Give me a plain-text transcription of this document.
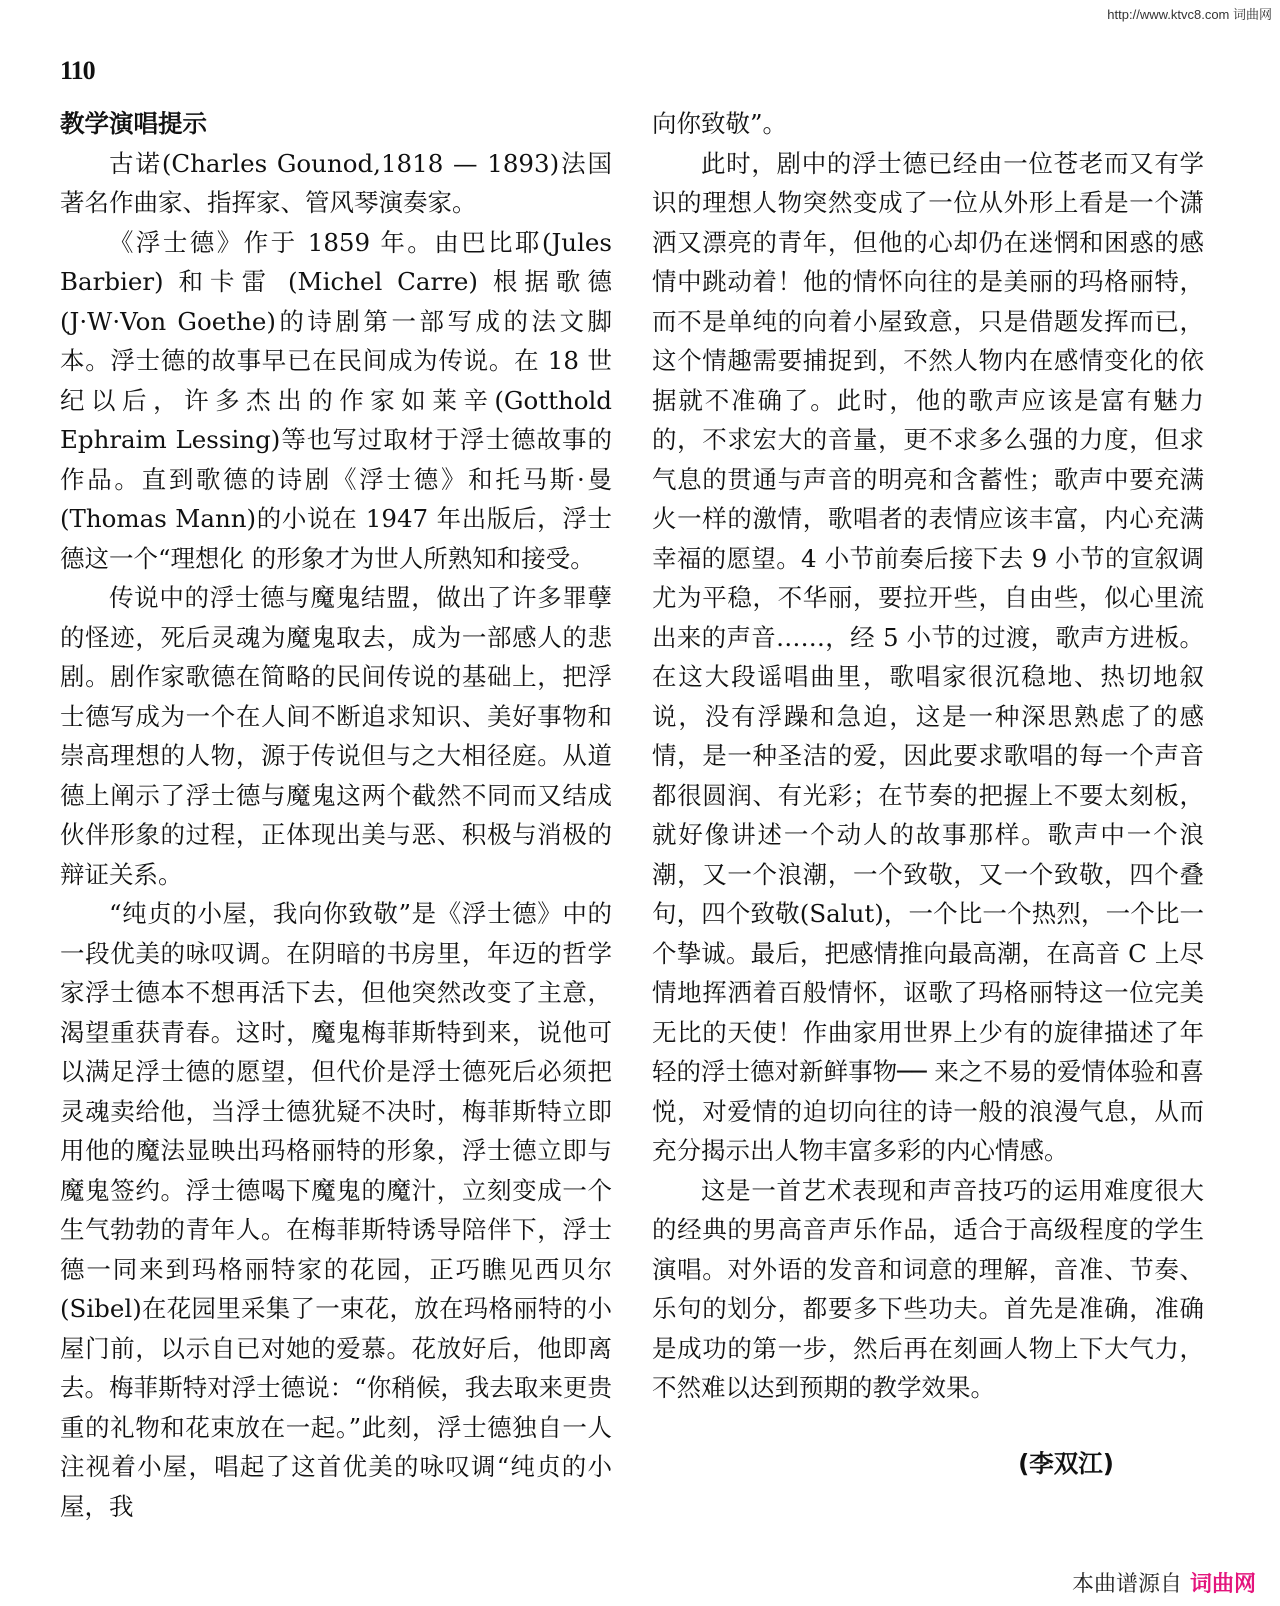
http://www.ktvc8.com 词曲网
110
教学演唱提示

古诺(Charles Gounod,1818 — 1893)法国著名作曲家、指挥家、管风琴演奏家。

《浮士德》作于 1859 年。由巴比耶(Jules Barbier) 和卡雷 (Michel Carre) 根据歌德 (J·W·Von Goethe)的诗剧第一部写成的法文脚本。浮士德的故事早已在民间成为传说。在 18 世纪以后，许多杰出的作家如莱辛(Gotthold Ephraim Lessing)等也写过取材于浮士德故事的作品。直到歌德的诗剧《浮士德》和托马斯·曼(Thomas Mann)的小说在 1947 年出版后，浮士德这一个“理想化 的形象才为世人所熟知和接受。

传说中的浮士德与魔鬼结盟，做出了许多罪孽的怪迹，死后灵魂为魔鬼取去，成为一部感人的悲剧。剧作家歌德在简略的民间传说的基础上，把浮士德写成为一个在人间不断追求知识、美好事物和崇高理想的人物，源于传说但与之大相径庭。从道德上阐示了浮士德与魔鬼这两个截然不同而又结成伙伴形象的过程，正体现出美与恶、积极与消极的辩证关系。

“纯贞的小屋，我向你致敬”是《浮士德》中的一段优美的咏叹调。在阴暗的书房里，年迈的哲学家浮士德本不想再活下去，但他突然改变了主意，渴望重获青春。这时，魔鬼梅菲斯特到来，说他可以满足浮士德的愿望，但代价是浮士德死后必须把灵魂卖给他，当浮士德犹疑不决时，梅菲斯特立即用他的魔法显映出玛格丽特的形象，浮士德立即与魔鬼签约。浮士德喝下魔鬼的魔汁，立刻变成一个生气勃勃的青年人。在梅菲斯特诱导陪伴下，浮士德一同来到玛格丽特家的花园，正巧瞧见西贝尔(Sibel)在花园里采集了一束花，放在玛格丽特的小屋门前，以示自已对她的爱慕。花放好后，他即离去。梅菲斯特对浮士德说：“你稍候，我去取来更贵重的礼物和花束放在一起。”此刻，浮士德独自一人注视着小屋，唱起了这首优美的咏叹调“纯贞的小屋，我

向你致敬”。

此时，剧中的浮士德已经由一位苍老而又有学识的理想人物突然变成了一位从外形上看是一个潇洒又漂亮的青年，但他的心却仍在迷惘和困惑的感情中跳动着！他的情怀向往的是美丽的玛格丽特，而不是单纯的向着小屋致意，只是借题发挥而已，这个情趣需要捕捉到，不然人物内在感情变化的依据就不准确了。此时，他的歌声应该是富有魅力的，不求宏大的音量，更不求多么强的力度，但求气息的贯通与声音的明亮和含蓄性；歌声中要充满火一样的激情，歌唱者的表情应该丰富，内心充满幸福的愿望。4 小节前奏后接下去 9 小节的宣叙调尤为平稳，不华丽，要拉开些，自由些，似心里流出来的声音……，经 5 小节的过渡，歌声方进板。在这大段谣唱曲里，歌唱家很沉稳地、热切地叙说，没有浮躁和急迫，这是一种深思熟虑了的感情，是一种圣洁的爱，因此要求歌唱的每一个声音都很圆润、有光彩；在节奏的把握上不要太刻板，就好像讲述一个动人的故事那样。歌声中一个浪潮，又一个浪潮，一个致敬，又一个致敬，四个叠句，四个致敬(Salut)，一个比一个热烈，一个比一个挚诚。最后，把感情推向最高潮，在高音 C 上尽情地挥洒着百般情怀，讴歌了玛格丽特这一位完美无比的天使！作曲家用世界上少有的旋律描述了年轻的浮士德对新鲜事物── 来之不易的爱情体验和喜悦，对爱情的迫切向往的诗一般的浪漫气息，从而充分揭示出人物丰富多彩的内心情感。

这是一首艺术表现和声音技巧的运用难度很大的经典的男高音声乐作品，适合于高级程度的学生演唱。对外语的发音和词意的理解，音准、节奏、乐句的划分，都要多下些功夫。首先是准确，准确是成功的第一步，然后再在刻画人物上下大气力，不然难以达到预期的教学效果。

(李双江)
本曲谱源自 词曲网
